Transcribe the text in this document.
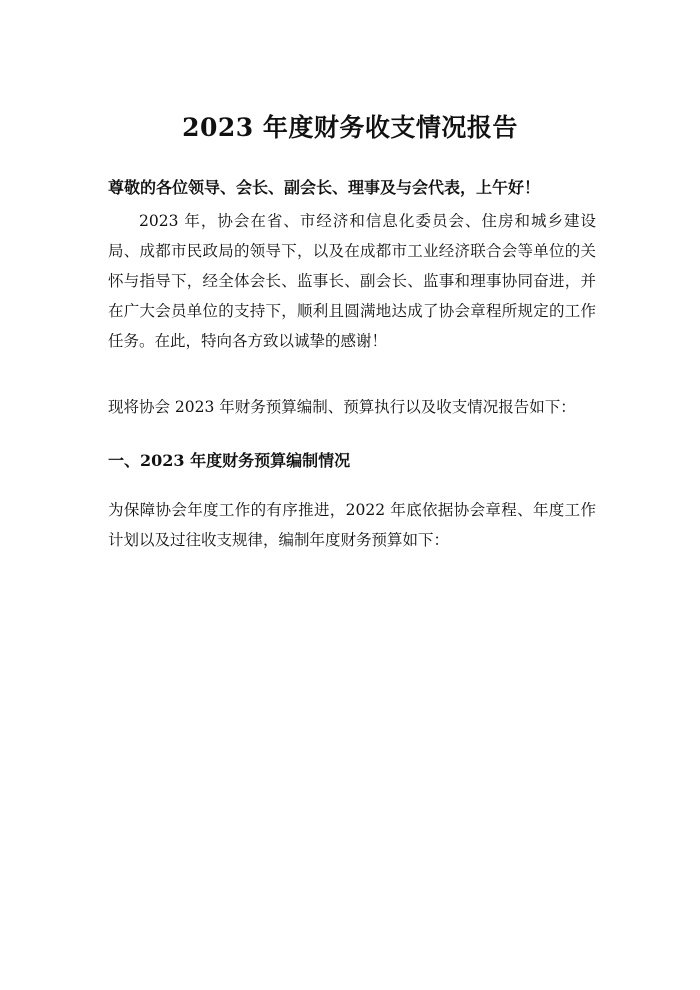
2023 年度财务收支情况报告
尊敬的各位领导、会长、副会长、理事及与会代表，上午好！
2023 年，协会在省、市经济和信息化委员会、住房和城乡建设局、成都市民政局的领导下，以及在成都市工业经济联合会等单位的关怀与指导下，经全体会长、监事长、副会长、监事和理事协同奋进，并在广大会员单位的支持下，顺利且圆满地达成了协会章程所规定的工作任务。在此，特向各方致以诚挚的感谢！
现将协会 2023 年财务预算编制、预算执行以及收支情况报告如下：
一、2023 年度财务预算编制情况
为保障协会年度工作的有序推进，2022 年底依据协会章程、年度工作计划以及过往收支规律，编制年度财务预算如下：
